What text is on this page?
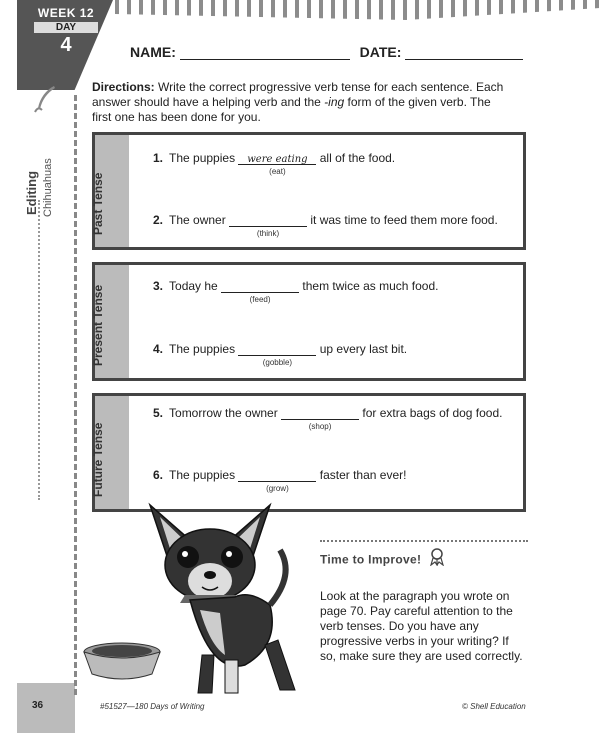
WEEK 12
DAY
4
Editing Chihuahuas
36
NAME:	DATE:
Directions: Write the correct progressive verb tense for each sentence. Each answer should have a helping verb and the -ing form of the given verb. The first one has been done for you.
Past Tense
1. The puppies were eating
(eat)
all of the food.
2. The owner
(think)
it was time to feed them more food.
Present Tense	3. Today he
(feed)
them twice as much food.
4. The puppies
(gobble)
up every last bit.
Future Tense
5. Tomorrow the owner
(shop)
for extra bags of dog food.
6. The puppies
(grow)
faster than ever!
Time to Improve!
Look at the paragraph you wrote on page 70. Pay careful attention to the verb tenses. Do you have any progressive verbs in your writing? If so, make sure they are used correctly.
#51527—180 Days of Writing	© Shell Education
